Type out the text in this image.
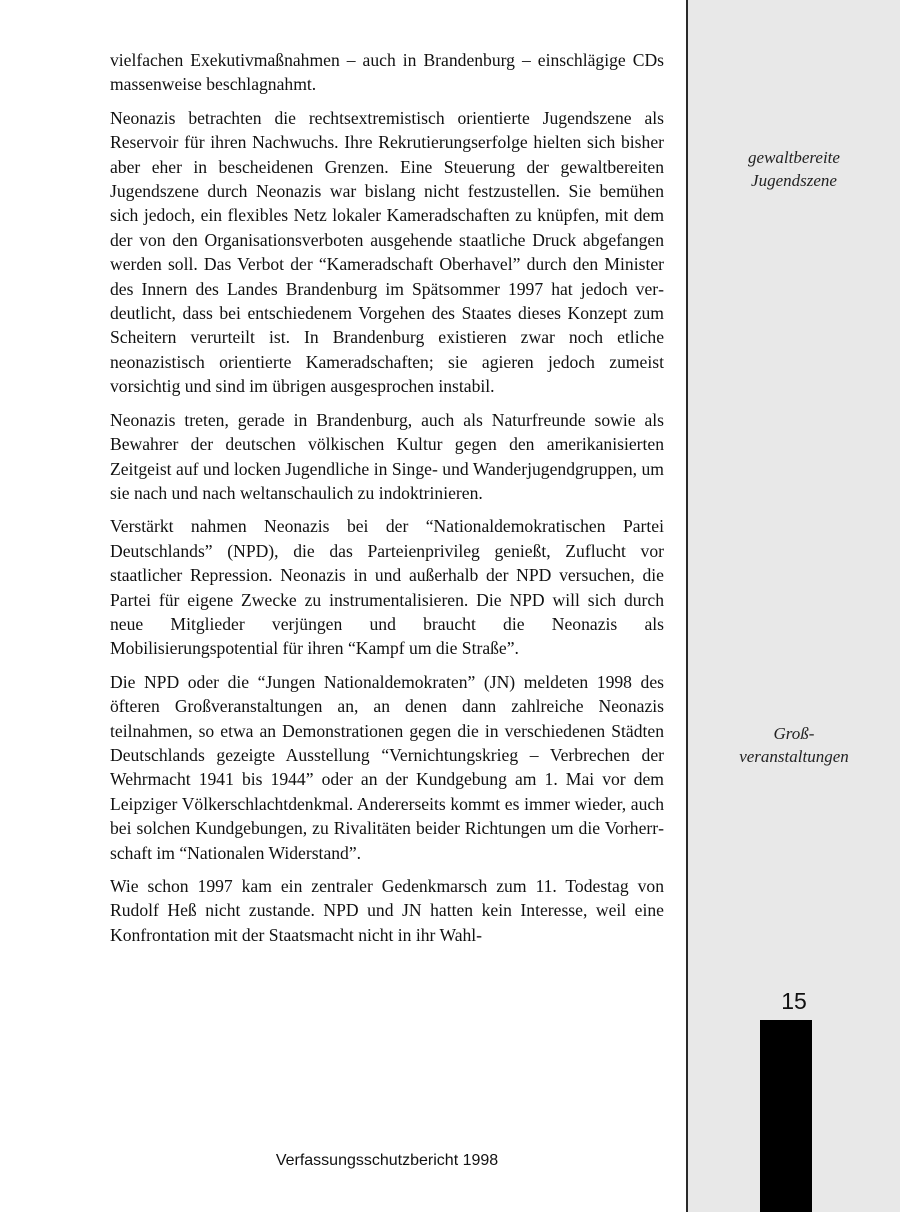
vielfachen Exekutivmaßnahmen – auch in Brandenburg – einschlägige CDs massenweise beschlagnahmt.

Neonazis betrachten die rechtsextremistisch orientierte Jugendszene als Reservoir für ihren Nachwuchs. Ihre Rekrutierungserfolge hielten sich bisher aber eher in bescheidenen Grenzen. Eine Steuerung der gewaltbereiten Jugendszene durch Neonazis war bislang nicht festzustellen. Sie bemühen sich jedoch, ein flexibles Netz lokaler Kameradschaften zu knüpfen, mit dem der von den Organisationsverboten ausgehende staatliche Druck abgefangen werden soll. Das Verbot der “Kameradschaft Oberhavel” durch den Minister des Innern des Landes Brandenburg im Spätsommer 1997 hat jedoch verdeutlicht, dass bei entschiedenem Vorgehen des Staates dieses Konzept zum Scheitern verurteilt ist. In Brandenburg existieren zwar noch etliche neonazistisch orientierte Kameradschaften; sie agieren jedoch zumeist vorsichtig und sind im übrigen ausgesprochen instabil.

Neonazis treten, gerade in Brandenburg, auch als Naturfreunde sowie als Bewahrer der deutschen völkischen Kultur gegen den amerikanisierten Zeitgeist auf und locken Jugendliche in Singe- und Wanderjugendgruppen, um sie nach und nach weltanschaulich zu indoktrinieren.

Verstärkt nahmen Neonazis bei der “Nationaldemokratischen Partei Deutschlands” (NPD), die das Parteienprivileg genießt, Zuflucht vor staatlicher Repression. Neonazis in und außerhalb der NPD versuchen, die Partei für eigene Zwecke zu instrumentalisieren. Die NPD will sich durch neue Mitglieder verjüngen und braucht die Neonazis als Mobilisierungspotential für ihren “Kampf um die Straße”.

Die NPD oder die “Jungen Nationaldemokraten” (JN) meldeten 1998 des öfteren Großveranstaltungen an, an denen dann zahlreiche Neonazis teilnahmen, so etwa an Demonstrationen gegen die in verschiedenen Städten Deutschlands gezeigte Ausstellung “Vernichtungskrieg – Verbrechen der Wehrmacht 1941 bis 1944” oder an der Kundgebung am 1. Mai vor dem Leipziger Völkerschlachtdenkmal. Andererseits kommt es immer wieder, auch bei solchen Kundgebungen, zu Rivalitäten beider Richtungen um die Vorherrschaft im “Nationalen Widerstand”.

Wie schon 1997 kam ein zentraler Gedenkmarsch zum 11. Todestag von Rudolf Heß nicht zustande. NPD und JN hatten kein Interesse, weil eine Konfrontation mit der Staatsmacht nicht in ihr Wahl-

gewaltbereite
Jugendszene
Groß-
veranstaltungen
15
Verfassungsschutzbericht 1998
